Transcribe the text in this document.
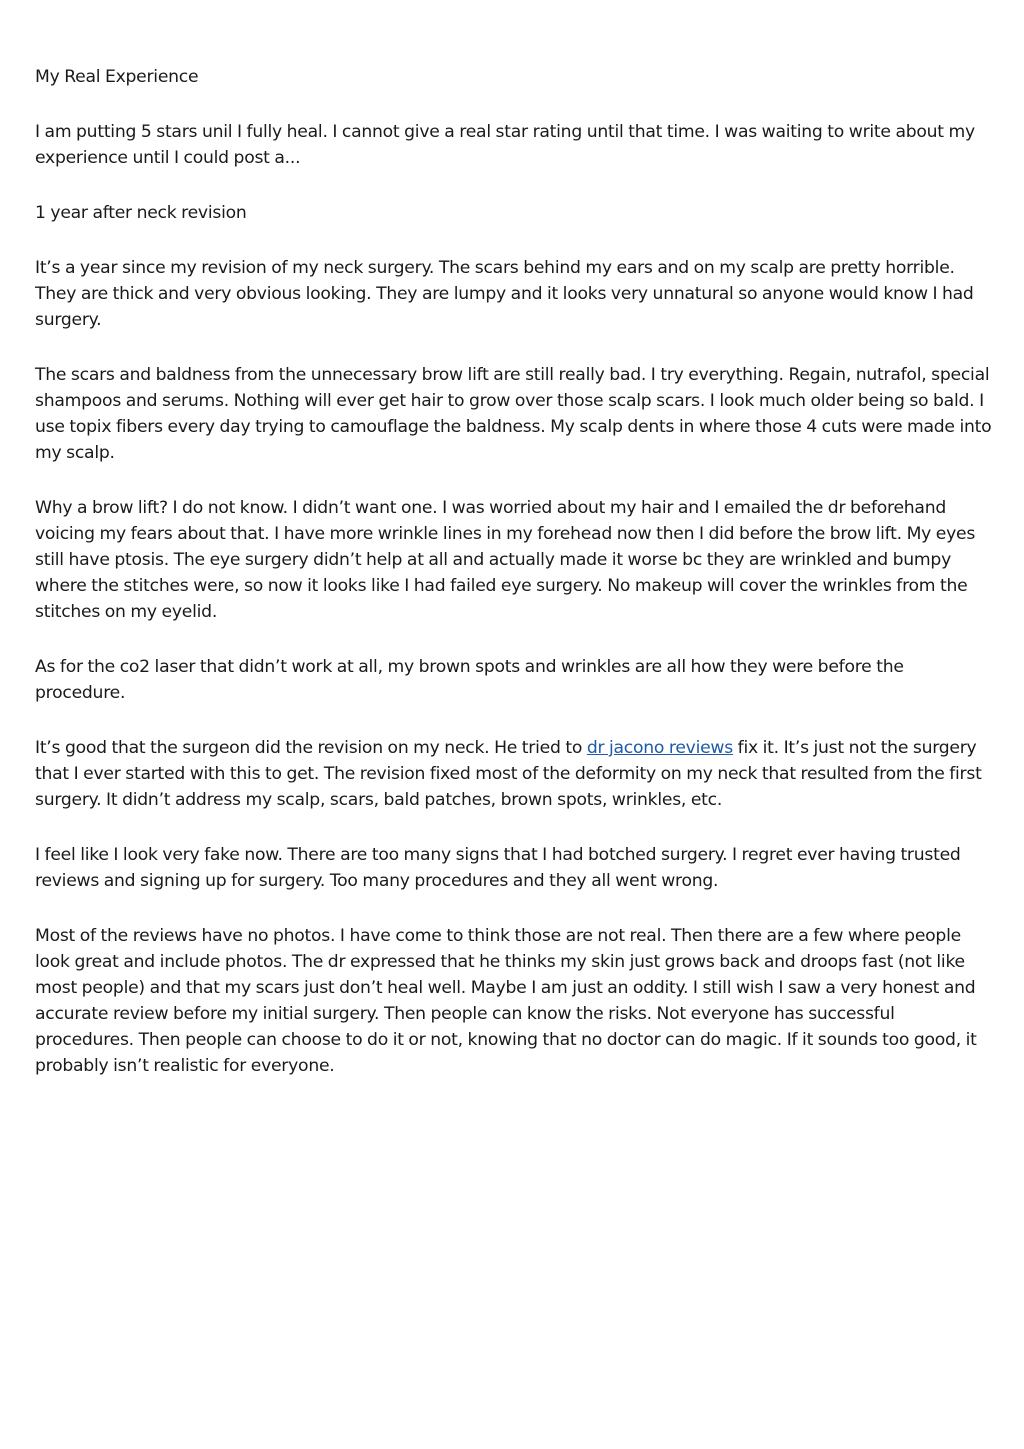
My Real Experience

I am putting 5 stars unil I fully heal. I cannot give a real star rating until that time. I was waiting to write about my experience until I could post a...

1 year after neck revision

It’s a year since my revision of my neck surgery. The scars behind my ears and on my scalp are pretty horrible. They are thick and very obvious looking. They are lumpy and it looks very unnatural so anyone would know I had surgery.

The scars and baldness from the unnecessary brow lift are still really bad. I try everything. Regain, nutrafol, special shampoos and serums. Nothing will ever get hair to grow over those scalp scars. I look much older being so bald. I use topix fibers every day trying to camouflage the baldness. My scalp dents in where those 4 cuts were made into my scalp.

Why a brow lift? I do not know. I didn’t want one. I was worried about my hair and I emailed the dr beforehand voicing my fears about that. I have more wrinkle lines in my forehead now then I did before the brow lift. My eyes still have ptosis. The eye surgery didn’t help at all and actually made it worse bc they are wrinkled and bumpy where the stitches were, so now it looks like I had failed eye surgery. No makeup will cover the wrinkles from the stitches on my eyelid.

As for the co2 laser that didn’t work at all, my brown spots and wrinkles are all how they were before the procedure.

It’s good that the surgeon did the revision on my neck. He tried to dr jacono reviews fix it. It’s just not the surgery that I ever started with this to get. The revision fixed most of the deformity on my neck that resulted from the first surgery. It didn’t address my scalp, scars, bald patches, brown spots, wrinkles, etc.

I feel like I look very fake now. There are too many signs that I had botched surgery. I regret ever having trusted reviews and signing up for surgery. Too many procedures and they all went wrong.

Most of the reviews have no photos. I have come to think those are not real. Then there are a few where people look great and include photos. The dr expressed that he thinks my skin just grows back and droops fast (not like most people) and that my scars just don’t heal well. Maybe I am just an oddity. I still wish I saw a very honest and accurate review before my initial surgery. Then people can know the risks. Not everyone has successful procedures. Then people can choose to do it or not, knowing that no doctor can do magic. If it sounds too good, it probably isn’t realistic for everyone.
